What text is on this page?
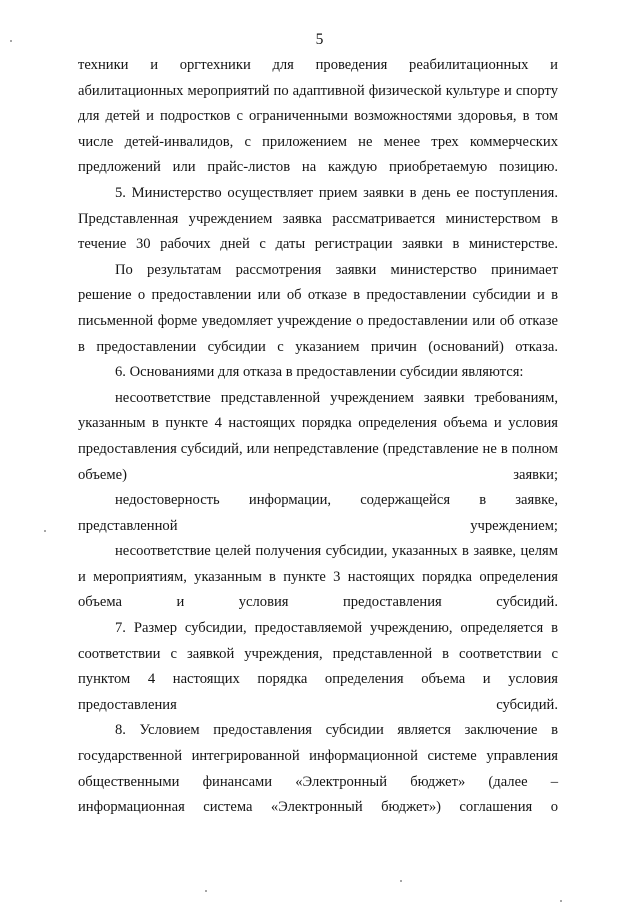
5

техники и оргтехники для проведения реабилитационных и абилитационных мероприятий по адаптивной физической культуре и спорту для детей и подростков с ограниченными возможностями здоровья, в том числе детей-инвалидов, с приложением не менее трех коммерческих предложений или прайс-листов на каждую приобретаемую позицию.

5. Министерство осуществляет прием заявки в день ее поступления. Представленная учреждением заявка рассматривается министерством в течение 30 рабочих дней с даты регистрации заявки в министерстве.

По результатам рассмотрения заявки министерство принимает решение о предоставлении или об отказе в предоставлении субсидии и в письменной форме уведомляет учреждение о предоставлении или об отказе в предоставлении субсидии с указанием причин (оснований) отказа.

6. Основаниями для отказа в предоставлении субсидии являются:

несоответствие представленной учреждением заявки требованиям, указанным в пункте 4 настоящих порядка определения объема и условия предоставления субсидий, или непредставление (представление не в полном объеме) заявки;

недостоверность информации, содержащейся в заявке, представленной учреждением;

несоответствие целей получения субсидии, указанных в заявке, целям и мероприятиям, указанным в пункте 3 настоящих порядка определения объема и условия предоставления субсидий.

7. Размер субсидии, предоставляемой учреждению, определяется в соответствии с заявкой учреждения, представленной в соответствии с пунктом 4 настоящих порядка определения объема и условия предоставления субсидий.

8. Условием предоставления субсидии является заключение в государственной интегрированной информационной системе управления общественными финансами «Электронный бюджет» (далее – информационная система «Электронный бюджет») соглашения о
